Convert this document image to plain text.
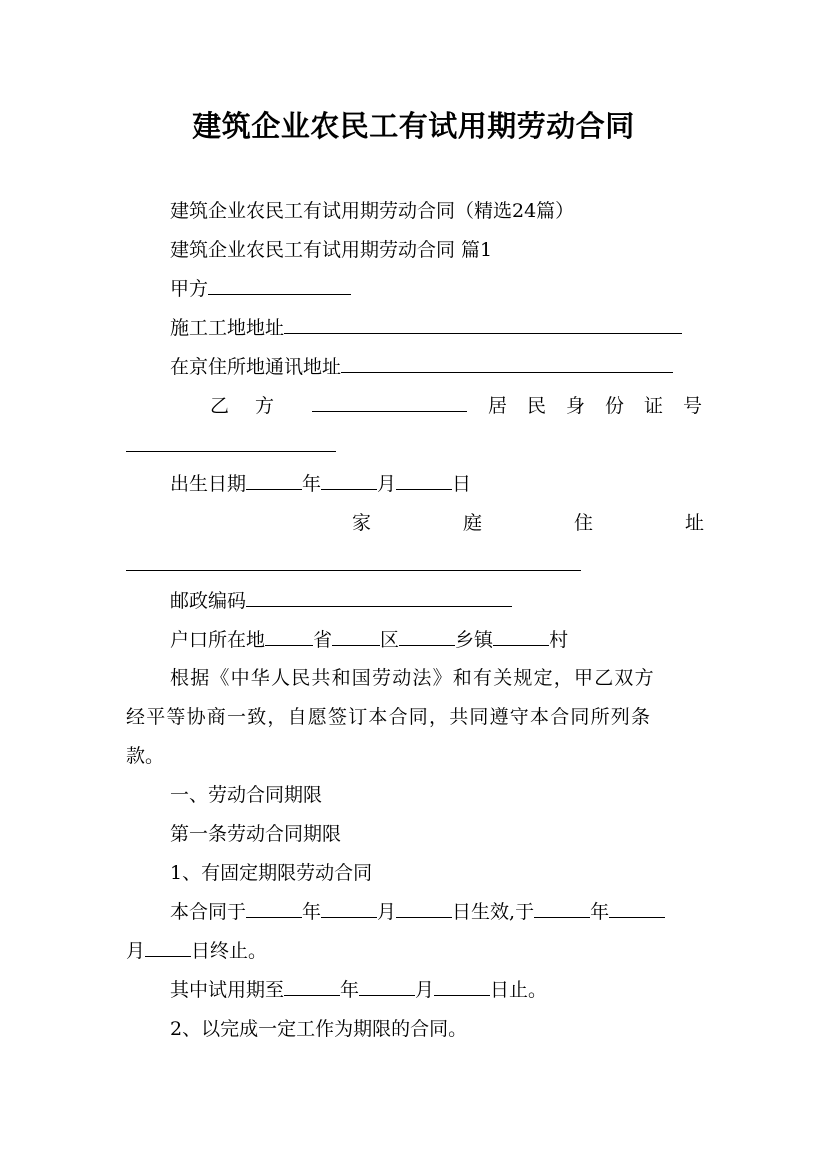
建筑企业农民工有试用期劳动合同
建筑企业农民工有试用期劳动合同（精选24篇）
建筑企业农民工有试用期劳动合同 篇1
甲方
施工工地地址
在京住所地通讯地址
乙方	居民身份证号
出生日期	年	月	日
家庭住址
邮政编码
户口所在地	省	区	乡镇	村
根据《中华人民共和国劳动法》和有关规定，甲乙双方
经平等协商一致，自愿签订本合同，共同遵守本合同所列条
款。
一、劳动合同期限
第一条劳动合同期限
1、有固定期限劳动合同
本合同于	年	月	日生效,于	年
月 日终止。
其中试用期至	年	月	日止。
2、以完成一定工作为期限的合同。
